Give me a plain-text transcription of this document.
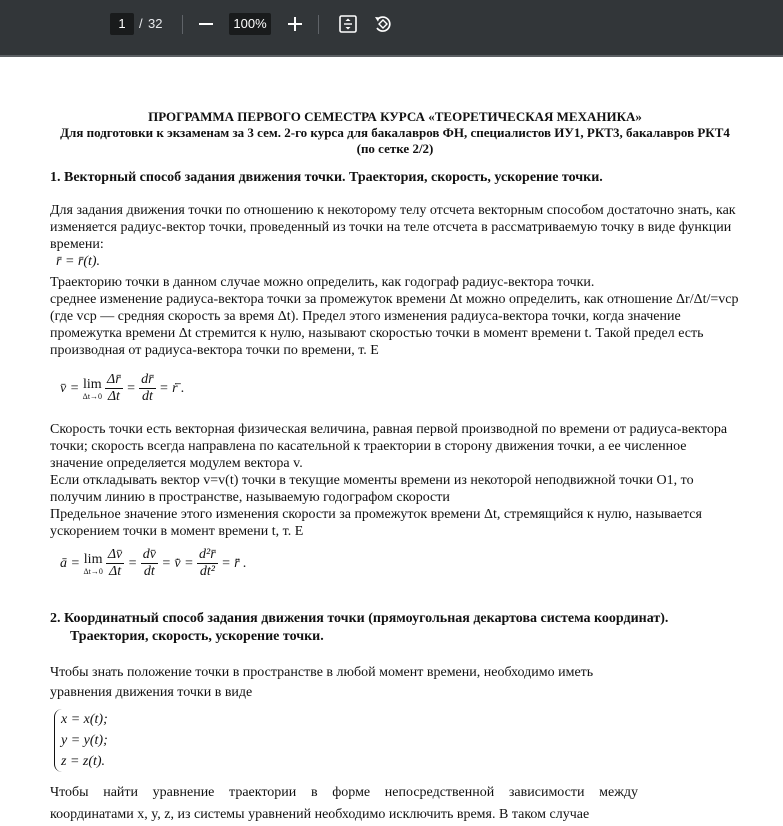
1
/ 32	100%
ПРОГРАММА ПЕРВОГО СЕМЕСТРА КУРСА «ТЕОРЕТИЧЕСКАЯ МЕХАНИКА»
Для подготовки к экзаменам за 3 сем. 2-го курса для бакалавров ФН, специалистов ИУ1, РКТ3, бакалавров РКТ4
(по сетке 2/2)
1. Векторный способ задания движения точки. Траектория, скорость, ускорение точки.
Для задания движения точки по отношению к некоторому телу отсчета векторным способом достаточно знать, как изменяется радиус-вектор точки, проведенный из точки на теле отсчета в рассматриваемую точку в виде функции времени:
r̄ = r̄(t).
Траекторию точки в данном случае можно определить, как годограф радиус-вектора точки.
среднее изменение радиуса-вектора точки за промежуток времени Δt можно определить, как отношение Δr/Δt/=vср (где vср — средняя скорость за время Δt). Предел этого изменения радиуса-вектора точки, когда значение промежутка времени Δt стремится к нулю, называют скоростью точки в момент времени t. Такой предел есть производная от радиуса-вектора точки по времени, т. Е
v̄ = lim
$\Delta t\to 0 \frac{\Delta r̄}{\Delta t} = \frac{dr̄}{dt}$ = ṙ̄ .
Скорость точки есть векторная физическая величина, равная первой производной по времени от радиуса-вектора точки; скорость всегда направлена по касательной к траектории в сторону движения точки, а ее численное значение определяется модулем вектора v.
Если откладывать вектор v=v(t) точки в текущие моменты времени из некоторой неподвижной точки O1, то получим линию в пространстве, называемую годографом скорости
Предельное значение этого изменения скорости за промежуток времени Δt, стремящийся к нулю, называется ускорением точки в момент времени t, т. Е
ā = lim
$\Delta t\to 0 \frac{\Delta v̄}{\Delta t} = \frac{dv̄}{dt}$ = v̇̄ = $\frac{\text{d²r̄}}{\text{dt²}}$ = r̈̄ .
2. Координатный способ задания движения точки (прямоугольная декартова система координат).
Траектория, скорость, ускорение точки.
Чтобы знать положение точки в пространстве в любой момент времени, необходимо иметь
уравнения движения точки в виде
x = x(t);
y = y(t);
z = z(t).
Чтобы найти уравнение траектории в форме непосредственной зависимости между
координатами x, y, z, из системы уравнений необходимо исключить время. В таком случае
